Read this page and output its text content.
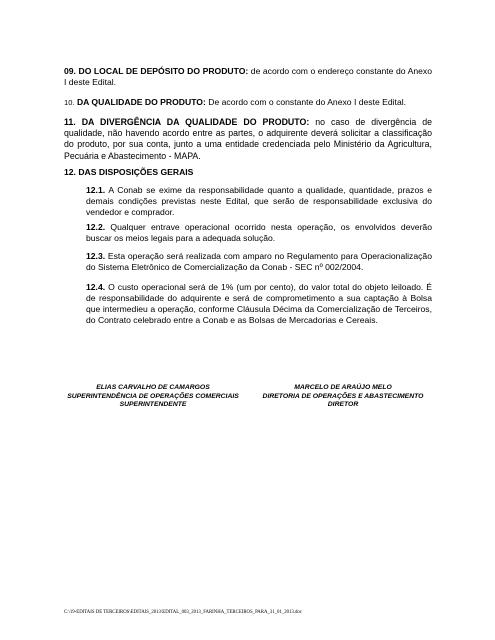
09. DO LOCAL DE DEPÓSITO DO PRODUTO: de acordo com o endereço constante do Anexo I deste Edital.
10. DA QUALIDADE DO PRODUTO: De acordo com o constante do Anexo I deste Edital.
11. DA DIVERGÊNCIA DA QUALIDADE DO PRODUTO: no caso de divergência de qualidade, não havendo acordo entre as partes, o adquirente deverá solicitar a classificação do produto, por sua conta, junto a uma entidade credenciada pelo Ministério da Agricultura, Pecuária e Abastecimento - MAPA.
12. DAS DISPOSIÇÕES GERAIS
12.1. A Conab se exime da responsabilidade quanto a qualidade, quantidade, prazos e demais condições previstas neste Edital, que serão de responsabilidade exclusiva do vendedor e comprador.
12.2. Qualquer entrave operacional ocorrido nesta operação, os envolvidos deverão buscar os meios legais para a adequada solução.
12.3. Esta operação será realizada com amparo no Regulamento para Operacionalização do Sistema Eletrônico de Comercialização da Conab - SEC nº 002/2004.
12.4. O custo operacional será de 1% (um por cento), do valor total do objeto leiloado. É de responsabilidade do adquirente e será de comprometimento a sua captação à Bolsa que intermedieu a operação, conforme Cláusula Décima da Comercialização de Terceiros, do Contrato celebrado entre a Conab e as Bolsas de Mercadorias e Cereais.
ELIAS CARVALHO DE CAMARGOS
SUPERINTENDÊNCIA DE OPERAÇÕES COMERCIAIS
SUPERINTENDENTE
MARCELO DE ARAÚJO MELO
DIRETORIA DE OPERAÇÕES E ABASTECIMENTO
DIRETOR
C:\19-EDITAIS DE TERCEIROS\EDITAIS_2013\EDITAL_003_2013_FARINHA_TERCEIROS_PARA_31_01_2013.doc
